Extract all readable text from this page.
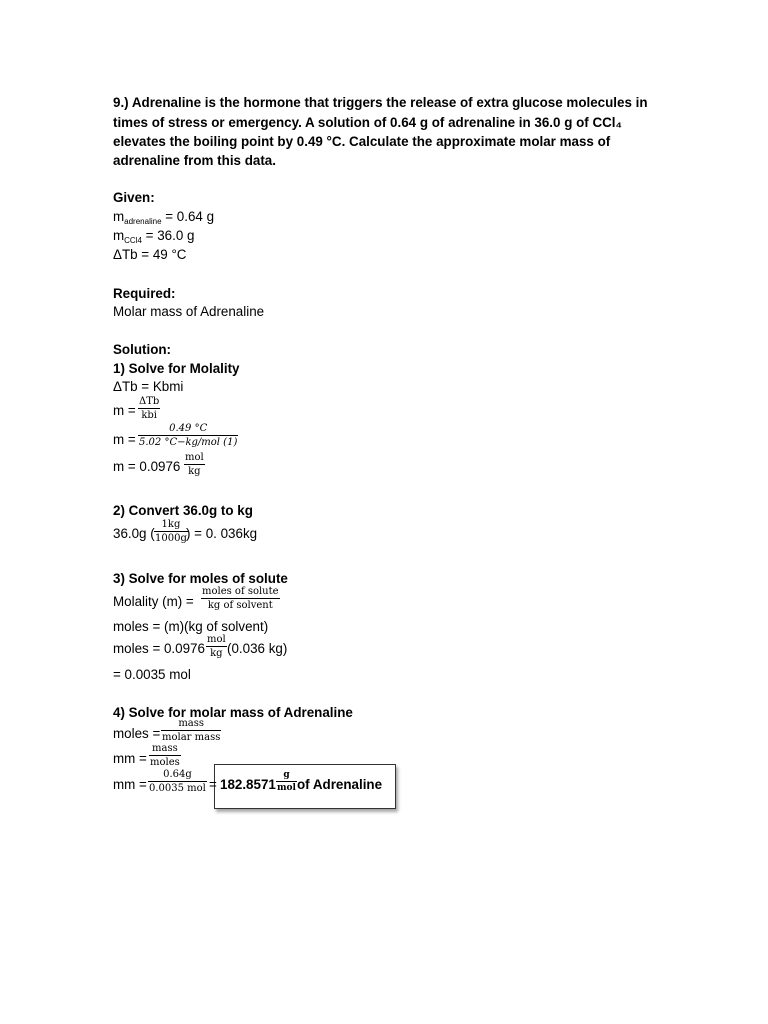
9.) Adrenaline is the hormone that triggers the release of extra glucose molecules in
times of stress or emergency. A solution of 0.64 g of adrenaline in 36.0 g of CCl₄
elevates the boiling point by 0.49 °C. Calculate the approximate molar mass of
adrenaline from this data.
Given:
$m_{adrenaline} = 0.64$ g
$m_{CCl4} = 36.0$ g
ΔTb = 49 °C
Required:
Molar mass of Adrenaline
Solution:
1) Solve for Molality
ΔTb = Kbmi
m =
ΔTb
kbi
m =
0.49 °C
5.02 °C−kg/mol (1)
m = 0.0976
mol
kg
2) Convert 36.0g to kg
36.0g ( $\frac{1kg}{1000g}$
) = 0. 036kg
3) Solve for moles of solute
Molality (m) =
moles of solute
kg of solvent
moles = (m)(kg of solvent)
moles = 0.0976
mol
kg (0.036 kg)
= 0.0035 mol
4) Solve for molar mass of Adrenaline
moles =
mass
molar mass
mm =
mass
moles
mm =
0.64g
0.0035 mol = 182.8571
g
mol of Adrenaline
